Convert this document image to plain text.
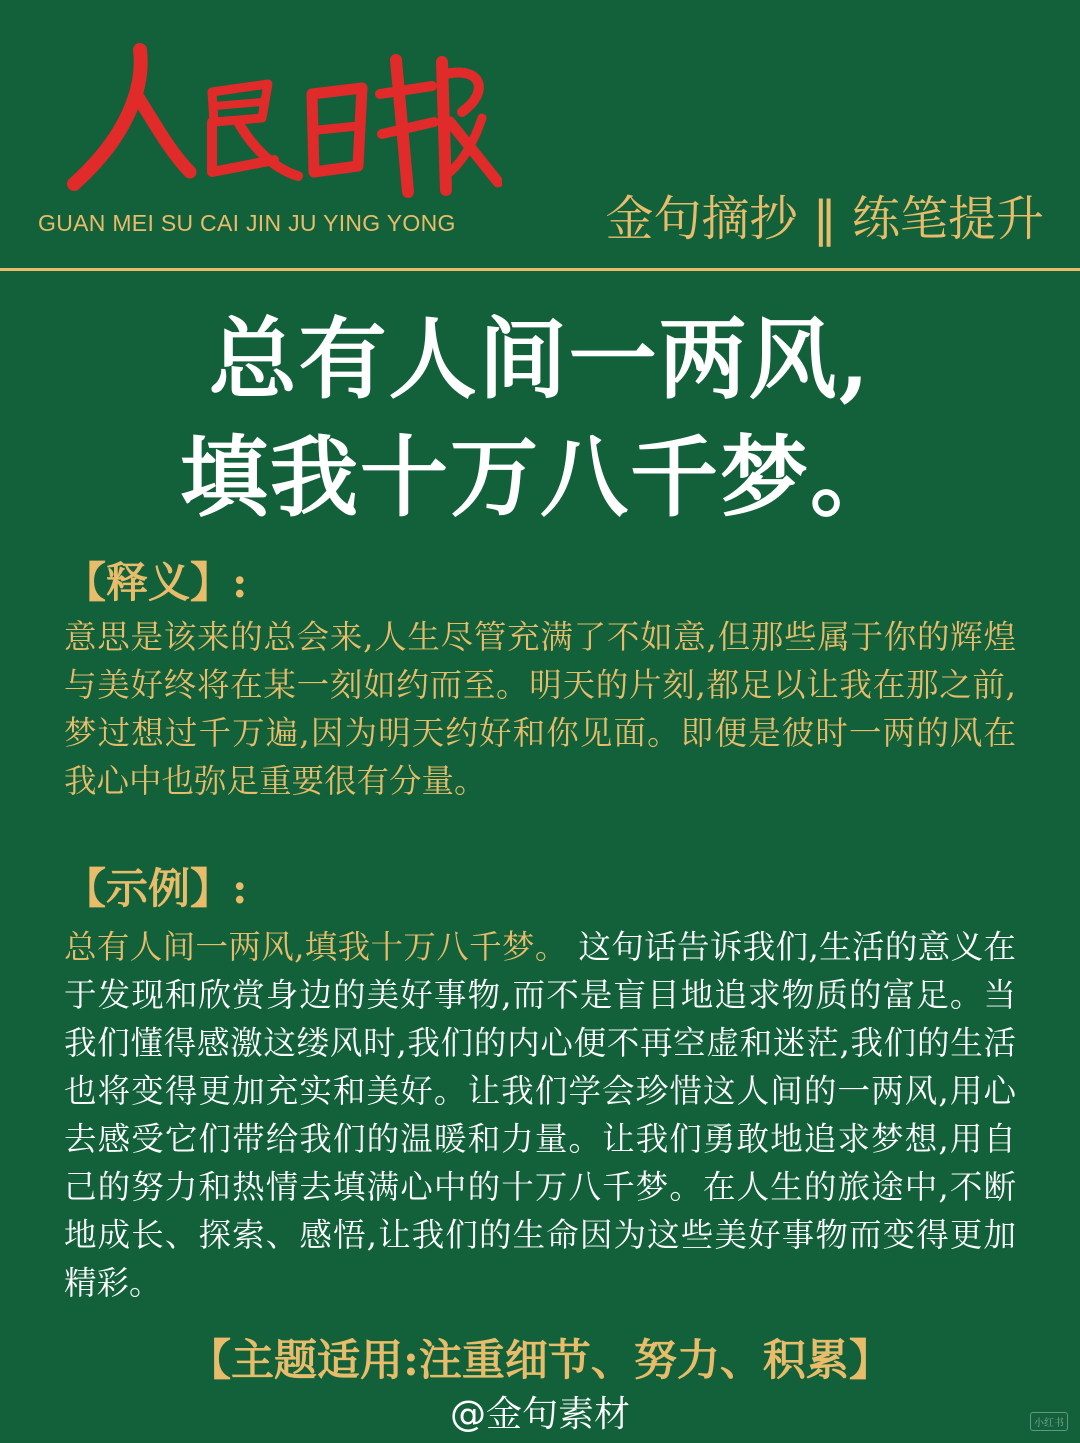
GUAN MEI SU CAI JIN JU YING YONG	金句摘抄 ‖ 练笔提升
总有人间一两风,
填我十万八千梦。
【释义】:
意思是该来的总会来,人生尽管充满了不如意,但那些属于你的辉煌与美好终将在某一刻如约而至。明天的片刻,都足以让我在那之前,梦过想过千万遍,因为明天约好和你见面。即便是彼时一两的风在我心中也弥足重要很有分量。
【示例】:
总有人间一两风,填我十万八千梦。 这句话告诉我们,生活的意义在于发现和欣赏身边的美好事物,而不是盲目地追求物质的富足。当我们懂得感激这缕风时,我们的内心便不再空虚和迷茫,我们的生活也将变得更加充实和美好。让我们学会珍惜这人间的一两风,用心去感受它们带给我们的温暖和力量。让我们勇敢地追求梦想,用自己的努力和热情去填满心中的十万八千梦。在人生的旅途中,不断地成长、探索、感悟,让我们的生命因为这些美好事物而变得更加精彩。
【主题适用:注重细节、努力、积累】
@金句素材	小红书
